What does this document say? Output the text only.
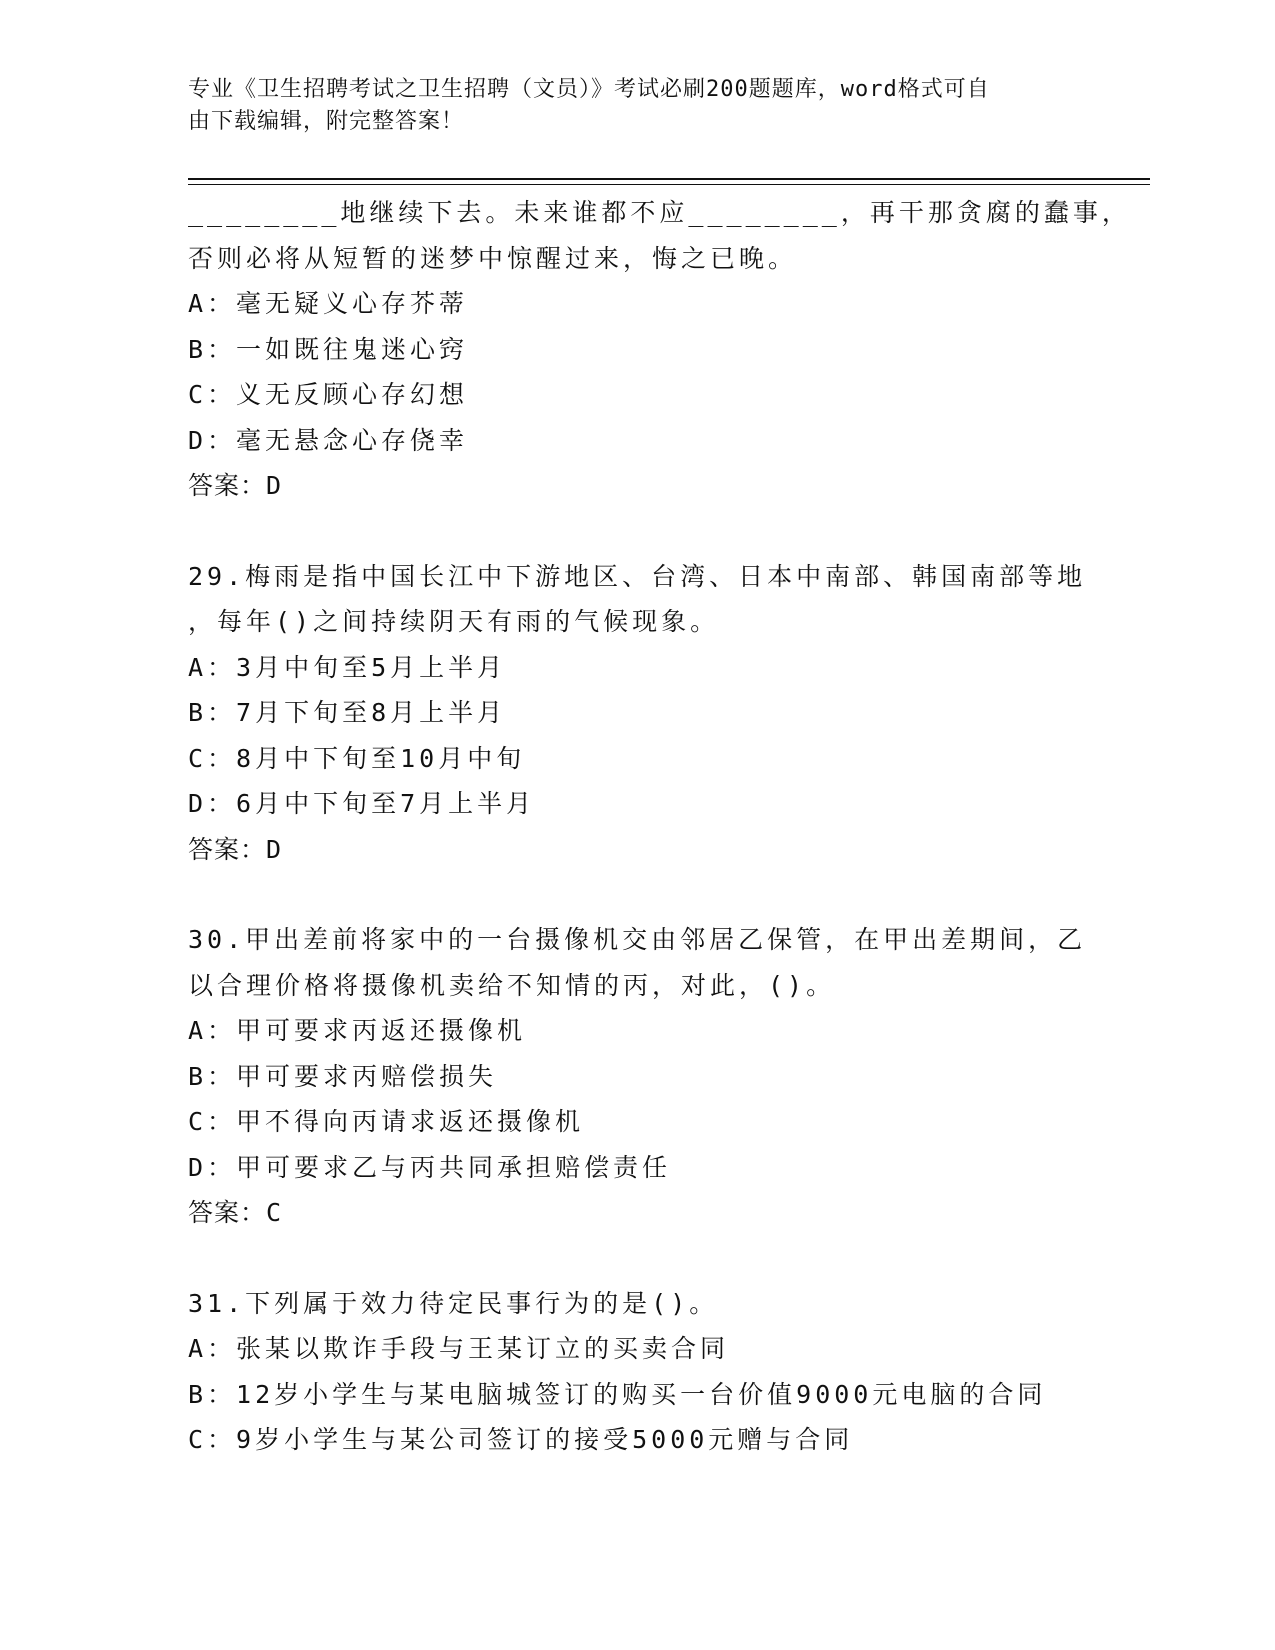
专业《卫生招聘考试之卫生招聘（文员）》考试必刷200题题库，word格式可自
由下载编辑，附完整答案！
________地继续下去。未来谁都不应________，再干那贪腐的蠢事，
否则必将从短暂的迷梦中惊醒过来，悔之已晚。
A：毫无疑义心存芥蒂
B：一如既往鬼迷心窍
C：义无反顾心存幻想
D：毫无悬念心存侥幸
答案：D
29.梅雨是指中国长江中下游地区、台湾、日本中南部、韩国南部等地
，每年()之间持续阴天有雨的气候现象。
A：3月中旬至5月上半月
B：7月下旬至8月上半月
C：8月中下旬至10月中旬
D：6月中下旬至7月上半月
答案：D
30.甲出差前将家中的一台摄像机交由邻居乙保管，在甲出差期间，乙
以合理价格将摄像机卖给不知情的丙，对此，()。
A：甲可要求丙返还摄像机
B：甲可要求丙赔偿损失
C：甲不得向丙请求返还摄像机
D：甲可要求乙与丙共同承担赔偿责任
答案：C
31.下列属于效力待定民事行为的是()。
A：张某以欺诈手段与王某订立的买卖合同
B：12岁小学生与某电脑城签订的购买一台价值9000元电脑的合同
C：9岁小学生与某公司签订的接受5000元赠与合同
